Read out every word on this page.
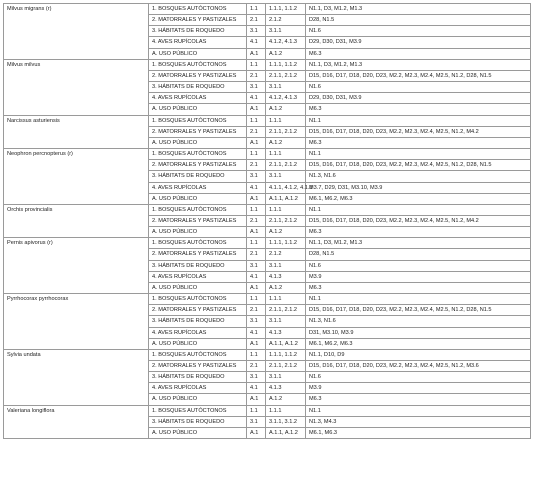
Milvus migrans (r)	1. BOSQUES AUTÓCTONOS	1.1	1.1.1, 1.1.2	N1.1, D3, M1.2, M1.3
	2. MATORRALES Y PASTIZALES	2.1	2.1.2	D28, N1.5
	3. HÁBITATS DE ROQUEDO	3.1	3.1.1	N1.6
	4. AVES RUPÍCOLAS	4.1	4.1.2, 4.1.3	D29, D30, D31, M3.9
	A. USO PÚBLICO	A.1	A.1.2	M6.3
Milvus milvus	1. BOSQUES AUTÓCTONOS	1.1	1.1.1, 1.1.2	N1.1, D3, M1.2, M1.3
	2. MATORRALES Y PASTIZALES	2.1	2.1.1, 2.1.2	D15, D16, D17, D18, D20, D23, M2.2, M2.3, M2.4, M2.5, N1.2, D28, N1.5
	3. HÁBITATS DE ROQUEDO	3.1	3.1.1	N1.6
	4. AVES RUPÍCOLAS	4.1	4.1.2, 4.1.3	D29, D30, D31, M3.9
	A. USO PÚBLICO	A.1	A.1.2	M6.3
Narcissus asturiensis	1. BOSQUES AUTÓCTONOS	1.1	1.1.1	N1.1
	2. MATORRALES Y PASTIZALES	2.1	2.1.1, 2.1.2	D15, D16, D17, D18, D20, D23, M2.2, M2.3, M2.4, M2.5, N1.2, M4.2
	A. USO PÚBLICO	A.1	A.1.2	M6.3
Neophron percnopterus (r)	1. BOSQUES AUTÓCTONOS	1.1	1.1.1	N1.1
	2. MATORRALES Y PASTIZALES	2.1	2.1.1, 2.1.2	D15, D16, D17, D18, D20, D23, M2.2, M2.3, M2.4, M2.5, N1.2, D28, N1.5
	3. HÁBITATS DE ROQUEDO	3.1	3.1.1	N1.3, N1.6
	4. AVES RUPÍCOLAS	4.1	4.1.1, 4.1.2, 4.1.3	M3.7, D29, D31, M3.10, M3.9
	A. USO PÚBLICO	A.1	A.1.1, A.1.2	M6.1, M6.2, M6.3
Orchis provincialis	1. BOSQUES AUTÓCTONOS	1.1	1.1.1	N1.1
	2. MATORRALES Y PASTIZALES	2.1	2.1.1, 2.1.2	D15, D16, D17, D18, D20, D23, M2.2, M2.3, M2.4, M2.5, N1.2, M4.2
	A. USO PÚBLICO	A.1	A.1.2	M6.3
Pernis apivorus (r)	1. BOSQUES AUTÓCTONOS	1.1	1.1.1, 1.1.2	N1.1, D3, M1.2, M1.3
	2. MATORRALES Y PASTIZALES	2.1	2.1.2	D28, N1.5
	3. HÁBITATS DE ROQUEDO	3.1	3.1.1	N1.6
	4. AVES RUPÍCOLAS	4.1	4.1.3	M3.9
	A. USO PÚBLICO	A.1	A.1.2	M6.3
Pyrrhocorax pyrrhocorax	1. BOSQUES AUTÓCTONOS	1.1	1.1.1	N1.1
	2. MATORRALES Y PASTIZALES	2.1	2.1.1, 2.1.2	D15, D16, D17, D18, D20, D23, M2.2, M2.3, M2.4, M2.5, N1.2, D28, N1.5
	3. HÁBITATS DE ROQUEDO	3.1	3.1.1	N1.3, N1.6
	4. AVES RUPÍCOLAS	4.1	4.1.3	D31, M3.10, M3.9
	A. USO PÚBLICO	A.1	A.1.1, A.1.2	M6.1, M6.2, M6.3
Sylvia undata	1. BOSQUES AUTÓCTONOS	1.1	1.1.1, 1.1.2	N1.1, D10, D9
	2. MATORRALES Y PASTIZALES	2.1	2.1.1, 2.1.2	D15, D16, D17, D18, D20, D23, M2.2, M2.3, M2.4, M2.5, N1.2, M3.6
	3. HÁBITATS DE ROQUEDO	3.1	3.1.1	N1.6
	4. AVES RUPÍCOLAS	4.1	4.1.3	M3.9
	A. USO PÚBLICO	A.1	A.1.2	M6.3
Valeriana longiflora	1. BOSQUES AUTÓCTONOS	1.1	1.1.1	N1.1
	3. HÁBITATS DE ROQUEDO	3.1	3.1.1, 3.1.2	N1.3, M4.3
	A. USO PÚBLICO	A.1	A.1.1, A.1.2	M6.1, M6.3
